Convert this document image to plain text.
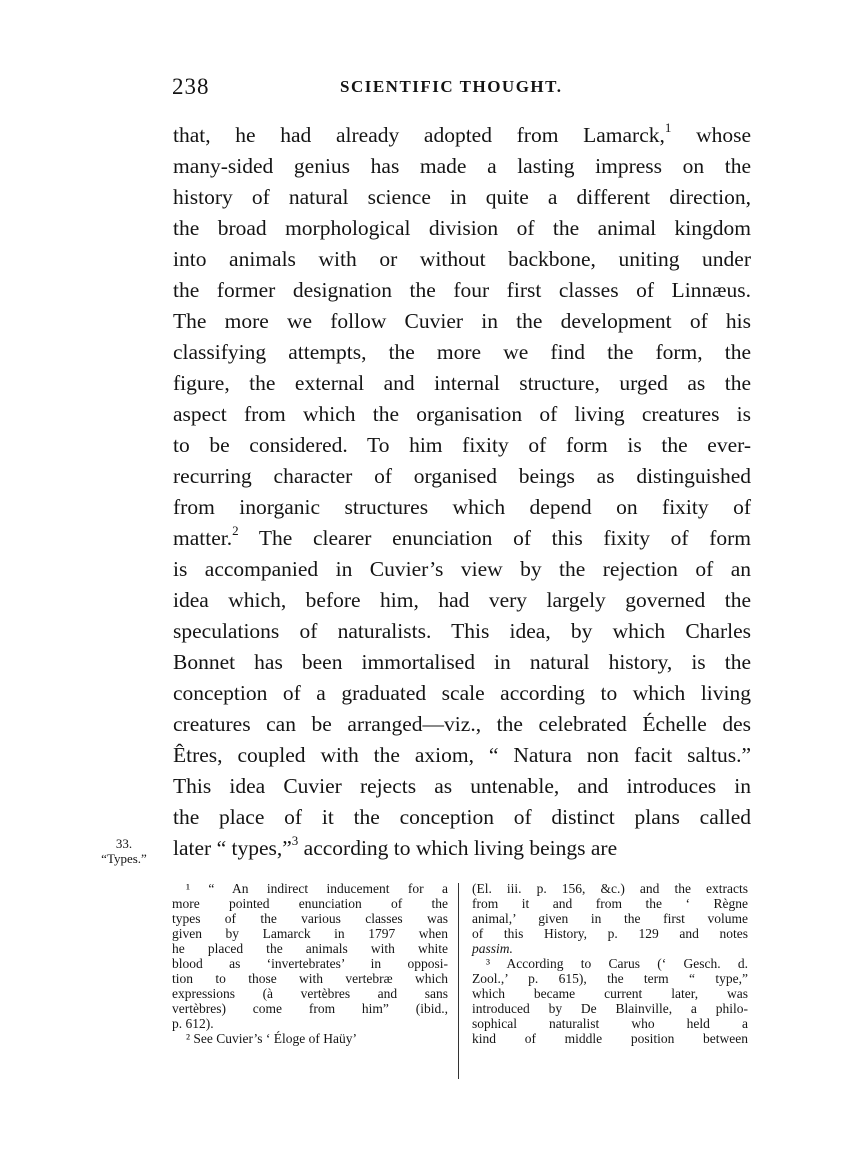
238	SCIENTIFIC THOUGHT.
33.
“Types.”
that, he had already adopted from Lamarck,$^1$ whose
many-sided genius has made a lasting impress on the
history of natural science in quite a different direction,
the broad morphological division of the animal kingdom
into animals with or without backbone, uniting under
the former designation the four first classes of Linnæus.
The more we follow Cuvier in the development of his
classifying attempts, the more we find the form, the
figure, the external and internal structure, urged as the
aspect from which the organisation of living creatures is
to be considered. To him fixity of form is the ever-
recurring character of organised beings as distinguished
from inorganic structures which depend on fixity of
matter.$^2$ The clearer enunciation of this fixity of form
is accompanied in Cuvier’s view by the rejection of an
idea which, before him, had very largely governed the
speculations of naturalists. This idea, by which Charles
Bonnet has been immortalised in natural history, is the
conception of a graduated scale according to which living
creatures can be arranged—viz., the celebrated Échelle des
Êtres, coupled with the axiom, “ Natura non facit saltus.”
This idea Cuvier rejects as untenable, and introduces in
the place of it the conception of distinct plans called
later “ types,”$^3$ according to which living beings are
¹ “ An indirect inducement for a
more pointed enunciation of the
types of the various classes was
given by Lamarck in 1797 when
he placed the animals with white
blood as ‘invertebrates’ in opposi-
tion to those with vertebræ which
expressions (à vertèbres and sans
vertèbres) come from him” (ibid.,
p. 612).
² See Cuvier’s ‘ Éloge of Haüy’
(El. iii. p. 156, &c.) and the extracts
from it and from the ‘ Règne
animal,’ given in the first volume
of this History, p. 129 and notes
passim.
³ According to Carus (‘ Gesch. d.
Zool.,’ p. 615), the term “ type,”
which became current later, was
introduced by De Blainville, a philo-
sophical naturalist who held a
kind of middle position between
